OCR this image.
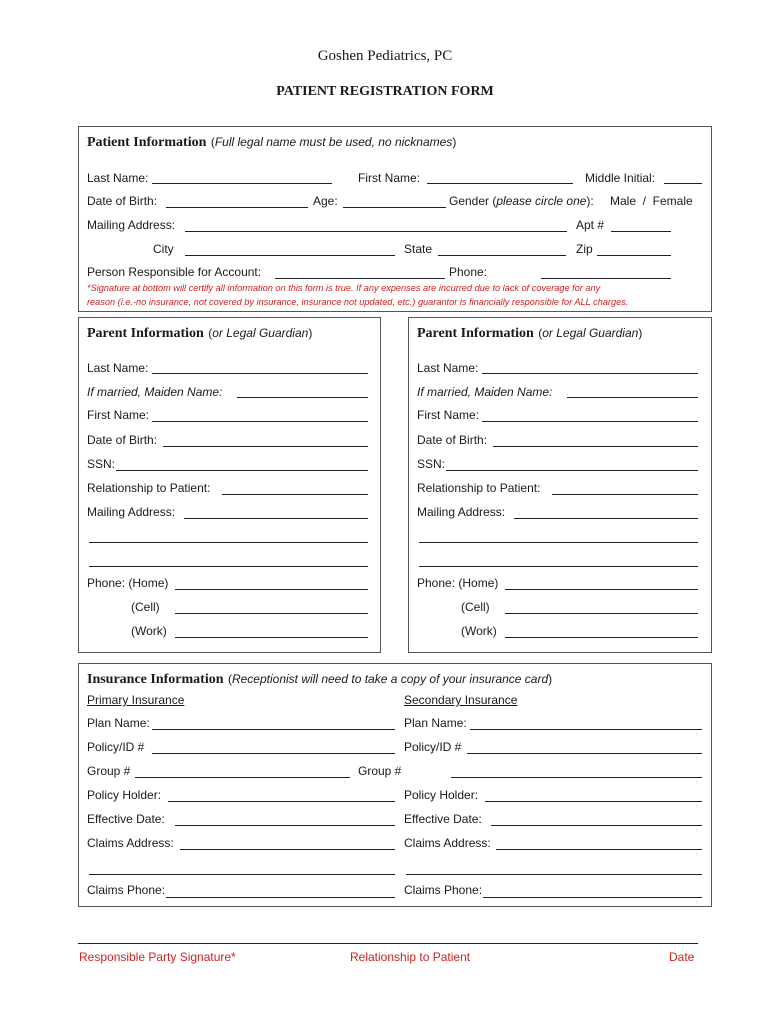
Goshen Pediatrics, PC
PATIENT REGISTRATION FORM
Patient Information (Full legal name must be used, no nicknames)
Last Name:	First Name:	Middle Initial:
Date of Birth:	Age:	Gender (please circle one): Male  /  Female
Mailing Address:	Apt #
City	State	Zip
Person Responsible for Account:	Phone:
*Signature at bottom will certify all information on this form is true. If any expenses are incurred due to lack of coverage for any
reason (i.e.-no insurance, not covered by insurance, insurance not updated, etc.) guarantor is financially responsible for ALL charges.
Parent Information (or Legal Guardian)
Last Name:
If married, Maiden Name:
First Name:
Date of Birth:
SSN:
Relationship to Patient:
Mailing Address:
Phone: (Home)
(Cell)
(Work)
Parent Information (or Legal Guardian)
Last Name:
If married, Maiden Name:
First Name:
Date of Birth:
SSN:
Relationship to Patient:
Mailing Address:
Phone: (Home)
(Cell)
(Work)
Insurance Information (Receptionist will need to take a copy of your insurance card)
Primary Insurance	Secondary Insurance
Plan Name:	Plan Name:
Policy/ID #	Policy/ID #
Group #	Group #
Policy Holder:	Policy Holder:
Effective Date:	Effective Date:
Claims Address:	Claims Address:
Claims Phone:	Claims Phone:
Responsible Party Signature*	Relationship to Patient	Date
